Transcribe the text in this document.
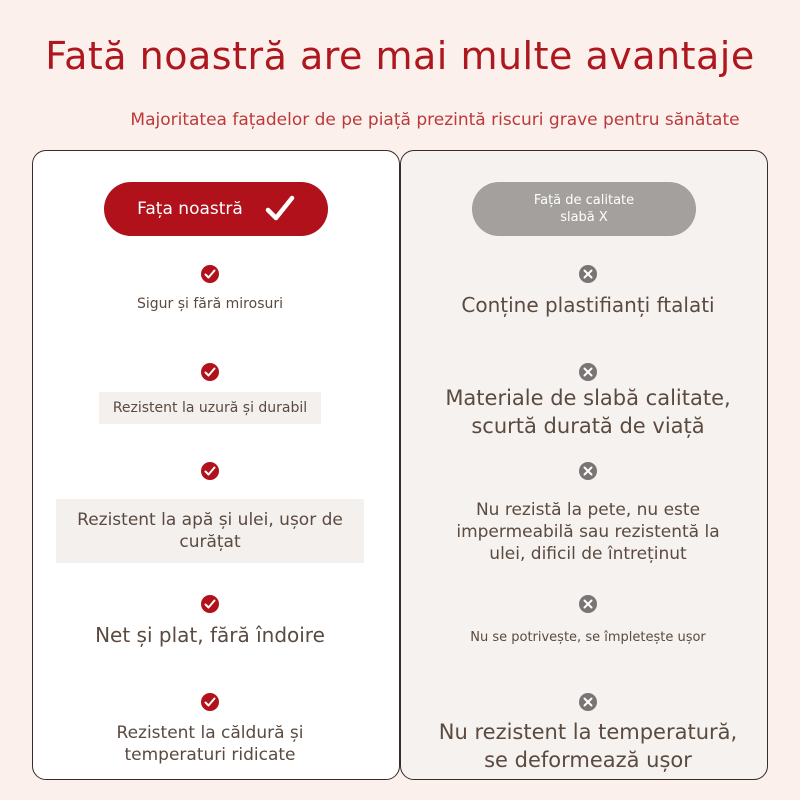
Fată noastră are mai multe avantaje
Majoritatea fațadelor de pe piață prezintă riscuri grave pentru sănătate
Fața noastră	Față de calitate
slabă X
Sigur și fără mirosuri
Rezistent la uzură și durabil
Rezistent la apă și ulei, ușor de curățat
Net și plat, fără îndoire
Rezistent la căldură și temperaturi ridicate
Conține plastifianți ftalati
Materiale de slabă calitate, scurtă durată de viață
Nu rezistă la pete, nu este impermeabilă sau rezistentă la ulei, dificil de întreținut
Nu se potrivește, se împletește ușor
Nu rezistent la temperatură, se deformează ușor
